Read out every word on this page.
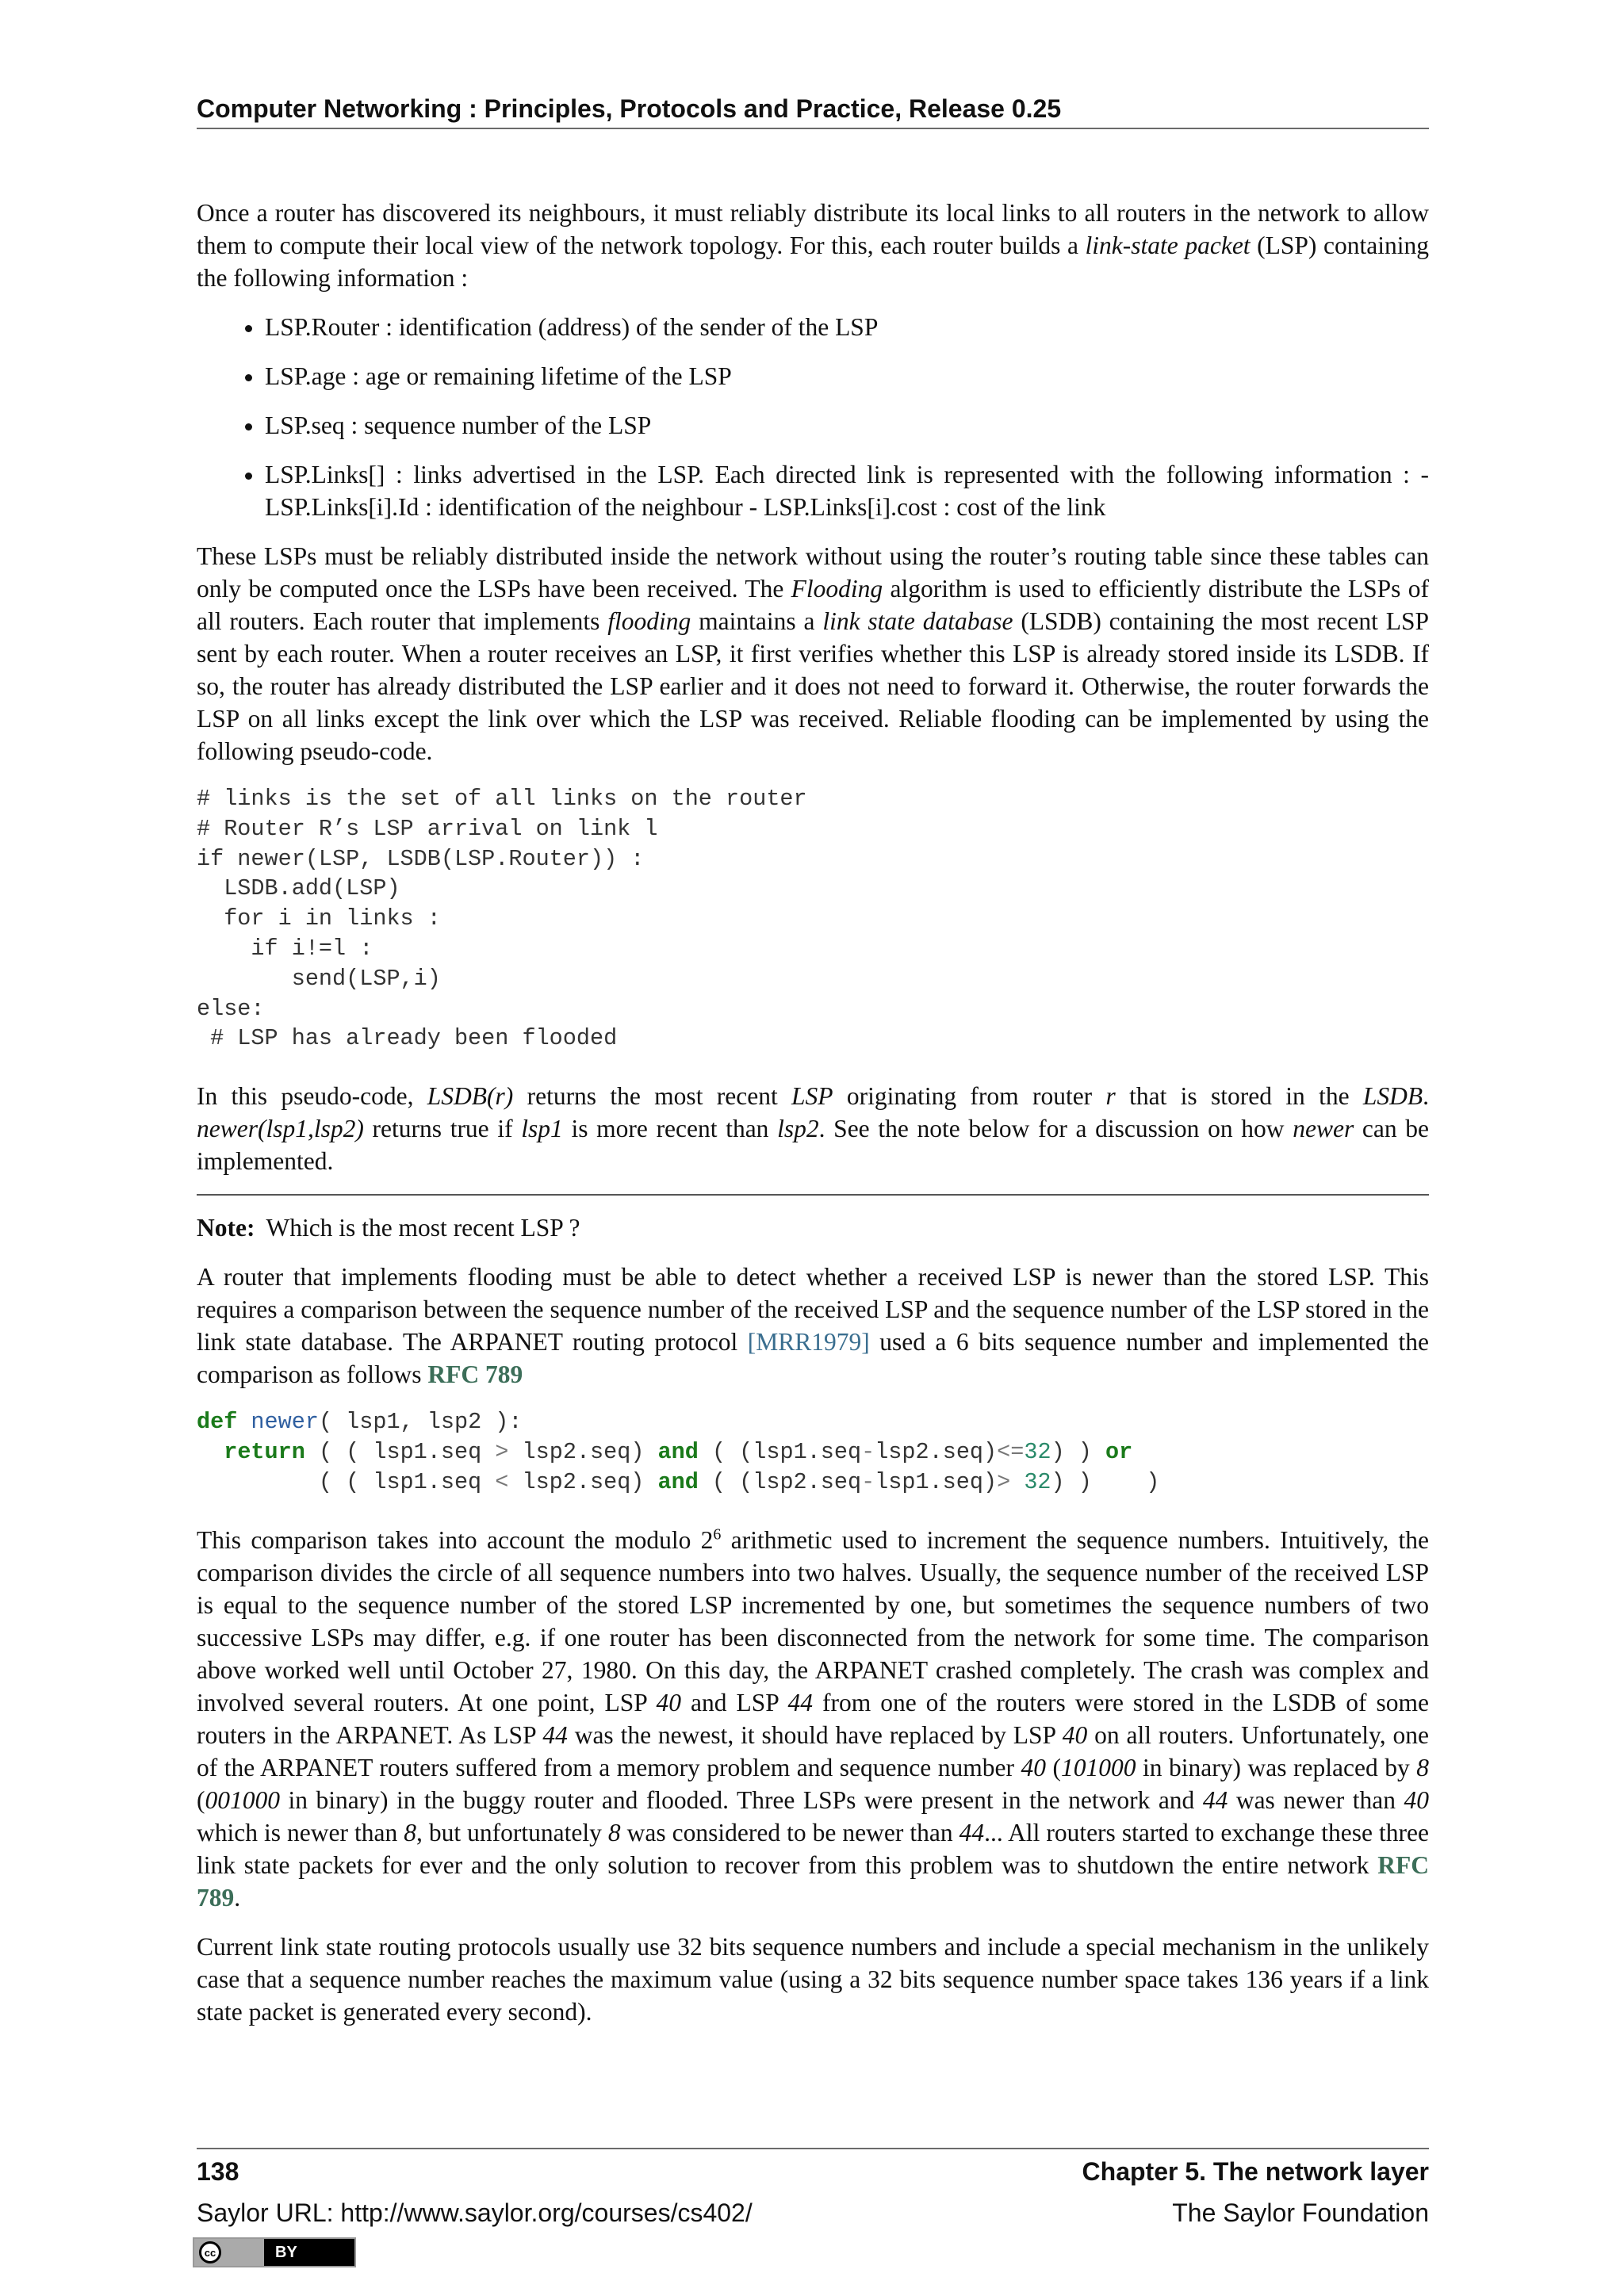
Computer Networking : Principles, Protocols and Practice, Release 0.25

Once a router has discovered its neighbours, it must reliably distribute its local links to all routers in the network to allow them to compute their local view of the network topology. For this, each router builds a link-state packet (LSP) containing the following information :

• LSP.Router : identification (address) of the sender of the LSP
• LSP.age : age or remaining lifetime of the LSP
• LSP.seq : sequence number of the LSP
• LSP.Links[] : links advertised in the LSP. Each directed link is represented with the following information : - LSP.Links[i].Id : identification of the neighbour - LSP.Links[i].cost : cost of the link

These LSPs must be reliably distributed inside the network without using the router’s routing table since these tables can only be computed once the LSPs have been received. The Flooding algorithm is used to efficiently distribute the LSPs of all routers. Each router that implements flooding maintains a link state database (LSDB) containing the most recent LSP sent by each router. When a router receives an LSP, it first verifies whether this LSP is already stored inside its LSDB. If so, the router has already distributed the LSP earlier and it does not need to forward it. Otherwise, the router forwards the LSP on all links except the link over which the LSP was received. Reliable flooding can be implemented by using the following pseudo-code.

# links is the set of all links on the router
# Router R’s LSP arrival on link l
if newer(LSP, LSDB(LSP.Router)) :
LSDB.add(LSP)
for i in links :
if i!=l :
send(LSP,i)
else:
# LSP has already been flooded

In this pseudo-code, LSDB(r) returns the most recent LSP originating from router r that is stored in the LSDB. newer(lsp1,lsp2) returns true if lsp1 is more recent than lsp2. See the note below for a discussion on how newer can be implemented.

Note: Which is the most recent LSP ?

A router that implements flooding must be able to detect whether a received LSP is newer than the stored LSP. This requires a comparison between the sequence number of the received LSP and the sequence number of the LSP stored in the link state database. The ARPANET routing protocol [MRR1979] used a 6 bits sequence number and implemented the comparison as follows RFC 789

def newer( lsp1, lsp2 ):
return ( ( lsp1.seq > lsp2.seq) and ( (lsp1.seq-lsp2.seq)<=32) ) or
( ( lsp1.seq < lsp2.seq) and ( (lsp2.seq-lsp1.seq)> 32) )    )

This comparison takes into account the modulo $2^6$ arithmetic used to increment the sequence numbers. Intuitively, the comparison divides the circle of all sequence numbers into two halves. Usually, the sequence number of the received LSP is equal to the sequence number of the stored LSP incremented by one, but sometimes the sequence numbers of two successive LSPs may differ, e.g. if one router has been disconnected from the network for some time. The comparison above worked well until October 27, 1980. On this day, the ARPANET crashed completely. The crash was complex and involved several routers. At one point, LSP 40 and LSP 44 from one of the routers were stored in the LSDB of some routers in the ARPANET. As LSP 44 was the newest, it should have replaced by LSP 40 on all routers. Unfortunately, one of the ARPANET routers suffered from a memory problem and sequence number 40 (101000 in binary) was replaced by 8 (001000 in binary) in the buggy router and flooded. Three LSPs were present in the network and 44 was newer than 40 which is newer than 8, but unfortunately 8 was considered to be newer than 44... All routers started to exchange these three link state packets for ever and the only solution to recover from this problem was to shutdown the entire network RFC 789.

Current link state routing protocols usually use 32 bits sequence numbers and include a special mechanism in the unlikely case that a sequence number reaches the maximum value (using a 32 bits sequence number space takes 136 years if a link state packet is generated every second).

138	Chapter 5. The network layer
Saylor URL: http://www.saylor.org/courses/cs402/	The Saylor Foundation
cc	BY
